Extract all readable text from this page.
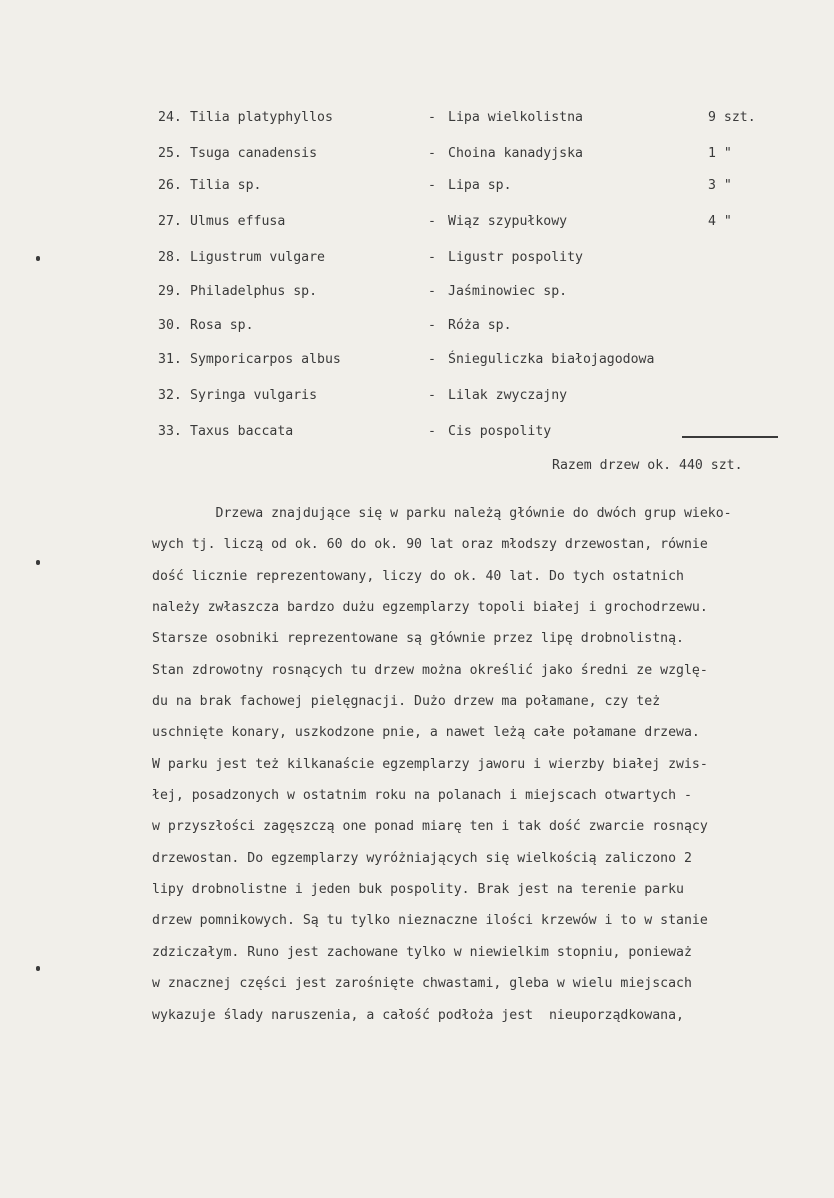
24. Tilia platyphyllos	- Lipa wielkolistna	9 szt.
25. Tsuga canadensis	- Choina kanadyjska	1 "
26. Tilia sp.	- Lipa sp.	3 "
27. Ulmus effusa	- Wiąz szypułkowy	4 "
28. Ligustrum vulgare	- Ligustr pospolity
29. Philadelphus sp.	- Jaśminowiec sp.
30. Rosa sp.	- Róża sp.
31. Symporicarpos albus	- Śnieguliczka białojagodowa
32. Syringa vulgaris	- Lilak zwyczajny
33. Taxus baccata	- Cis pospolity
Razem drzew ok. 440 szt.
Drzewa znajdujące się w parku należą głównie do dwóch grup wieko-
wych tj. liczą od ok. 60 do ok. 90 lat oraz młodszy drzewostan, równie
dość licznie reprezentowany, liczy do ok. 40 lat. Do tych ostatnich
należy zwłaszcza bardzo dużu egzemplarzy topoli białej i grochodrzewu.
Starsze osobniki reprezentowane są głównie przez lipę drobnolistną.
Stan zdrowotny rosnących tu drzew można określić jako średni ze wzglę-
du na brak fachowej pielęgnacji. Dużo drzew ma połamane, czy też
uschnięte konary, uszkodzone pnie, a nawet leżą całe połamane drzewa.
W parku jest też kilkanaście egzemplarzy jaworu i wierzby białej zwis-
łej, posadzonych w ostatnim roku na polanach i miejscach otwartych -
w przyszłości zagęszczą one ponad miarę ten i tak dość zwarcie rosnący
drzewostan. Do egzemplarzy wyróżniających się wielkością zaliczono 2
lipy drobnolistne i jeden buk pospolity. Brak jest na terenie parku
drzew pomnikowych. Są tu tylko nieznaczne ilości krzewów i to w stanie
zdziczałym. Runo jest zachowane tylko w niewielkim stopniu, ponieważ
w znacznej części jest zarośnięte chwastami, gleba w wielu miejscach
wykazuje ślady naruszenia, a całość podłoża jest  nieuporządkowana,
